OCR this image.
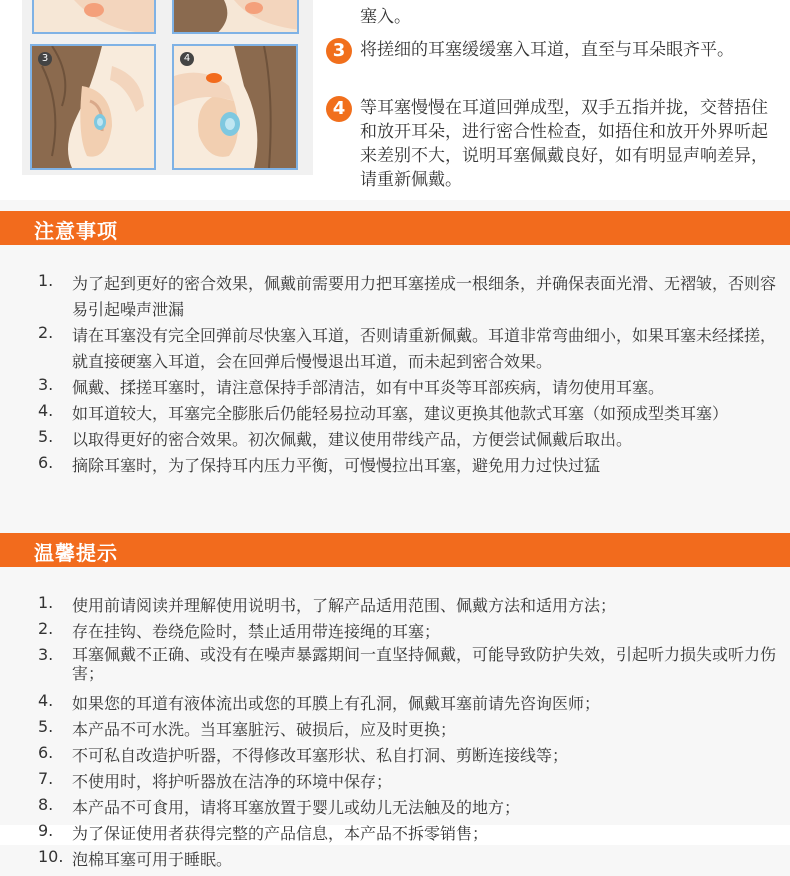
3	4
塞入。
3 将搓细的耳塞缓缓塞入耳道，直至与耳朵眼齐平。
4 等耳塞慢慢在耳道回弹成型，双手五指并拢，交替捂住和放开耳朵，进行密合性检查，如捂住和放开外界听起来差别不大，说明耳塞佩戴良好，如有明显声响差异，请重新佩戴。
注意事项
1.	为了起到更好的密合效果，佩戴前需要用力把耳塞搓成一根细条，并确保表面光滑、无褶皱，否则容易引起噪声泄漏
2.	请在耳塞没有完全回弹前尽快塞入耳道，否则请重新佩戴。耳道非常弯曲细小，如果耳塞未经揉搓，就直接硬塞入耳道，会在回弹后慢慢退出耳道，而未起到密合效果。
3.	佩戴、揉搓耳塞时，请注意保持手部清洁，如有中耳炎等耳部疾病，请勿使用耳塞。
4.	如耳道较大，耳塞完全膨胀后仍能轻易拉动耳塞，建议更换其他款式耳塞（如预成型类耳塞）
5.	以取得更好的密合效果。初次佩戴，建议使用带线产品，方便尝试佩戴后取出。
6.	摘除耳塞时，为了保持耳内压力平衡，可慢慢拉出耳塞，避免用力过快过猛
温馨提示
1.	使用前请阅读并理解使用说明书，了解产品适用范围、佩戴方法和适用方法；
2.	存在挂钩、卷绕危险时，禁止适用带连接绳的耳塞；
3.	耳塞佩戴不正确、或没有在噪声暴露期间一直坚持佩戴，可能导致防护失效，引起听力损失或听力伤害；
4.	如果您的耳道有液体流出或您的耳膜上有孔洞，佩戴耳塞前请先咨询医师；
5.	本产品不可水洗。当耳塞脏污、破损后，应及时更换；
6.	不可私自改造护听器，不得修改耳塞形状、私自打洞、剪断连接线等；
7.	不使用时，将护听器放在洁净的环境中保存；
8.	本产品不可食用，请将耳塞放置于婴儿或幼儿无法触及的地方；
9.	为了保证使用者获得完整的产品信息，本产品不拆零销售；
10. 泡棉耳塞可用于睡眠。
